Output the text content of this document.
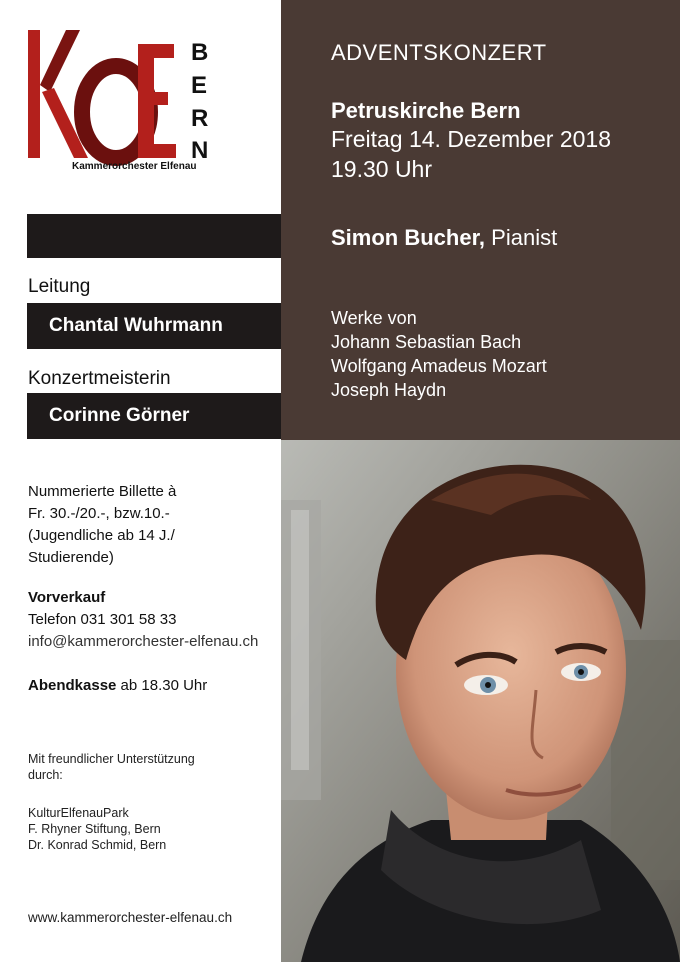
B
E
R
N
Kammerorchester Elfenau
Leitung
Chantal Wuhrmann
Konzertmeisterin
Corinne Görner
Nummerierte Billette à
Fr. 30.-/20.-, bzw.10.-
(Jugendliche ab 14 J./
Studierende)
Vorverkauf
Telefon 031 301 58 33
info@kammerorchester-elfenau.ch
Abendkasse ab 18.30 Uhr
Mit freundlicher Unterstützung
durch:
KulturElfenauPark
F. Rhyner Stiftung, Bern
Dr. Konrad Schmid, Bern
www.kammerorchester-elfenau.ch
ADVENTSKONZERT
Petruskirche Bern
Freitag 14. Dezember 2018
19.30 Uhr
Simon Bucher, Pianist
Werke von
Johann Sebastian Bach
Wolfgang Amadeus Mozart
Joseph Haydn
